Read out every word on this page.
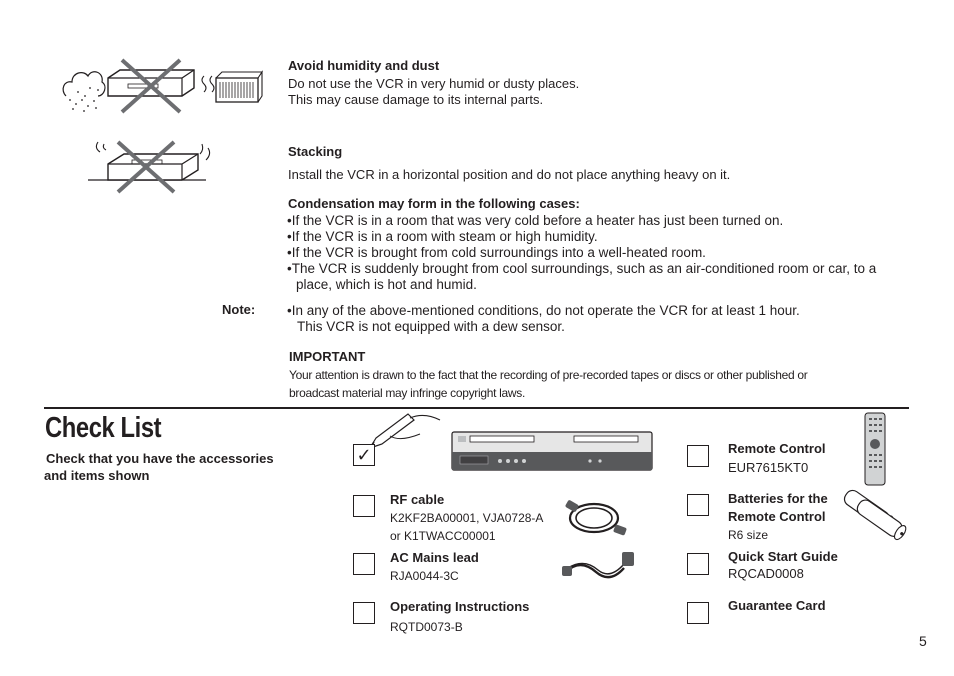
Avoid humidity and dust
Do not use the VCR in very humid or dusty places.
This may cause damage to its internal parts.
Stacking
Install the VCR in a horizontal position and do not place anything heavy on it.
Condensation may form in the following cases:
• If the VCR is in a room that was very cold before a heater has just been turned on.
• If the VCR is in a room with steam or high humidity.
• If the VCR is brought from cold surroundings into a well-heated room.
• The VCR is suddenly brought from cool surroundings, such as an air-conditioned room or car, to a place, which is hot and humid.
Note:
•	In any of the above-mentioned conditions, do not operate the VCR for at least 1 hour.
This VCR is not equipped with a dew sensor.
IMPORTANT
Your attention is drawn to the fact that the recording of pre-recorded tapes or discs or other published or
broadcast material may infringe copyright laws.
Check List
Check that you have the accessories
and items shown
✓
RF cable
K2KF2BA00001, VJA0728-A
or K1TWACC00001
AC Mains lead
RJA0044-3C
Operating Instructions
RQTD0073-B
Remote Control
EUR7615KT0
Batteries for the
Remote Control
R6 size
Quick Start Guide
RQCAD0008
Guarantee Card
5
